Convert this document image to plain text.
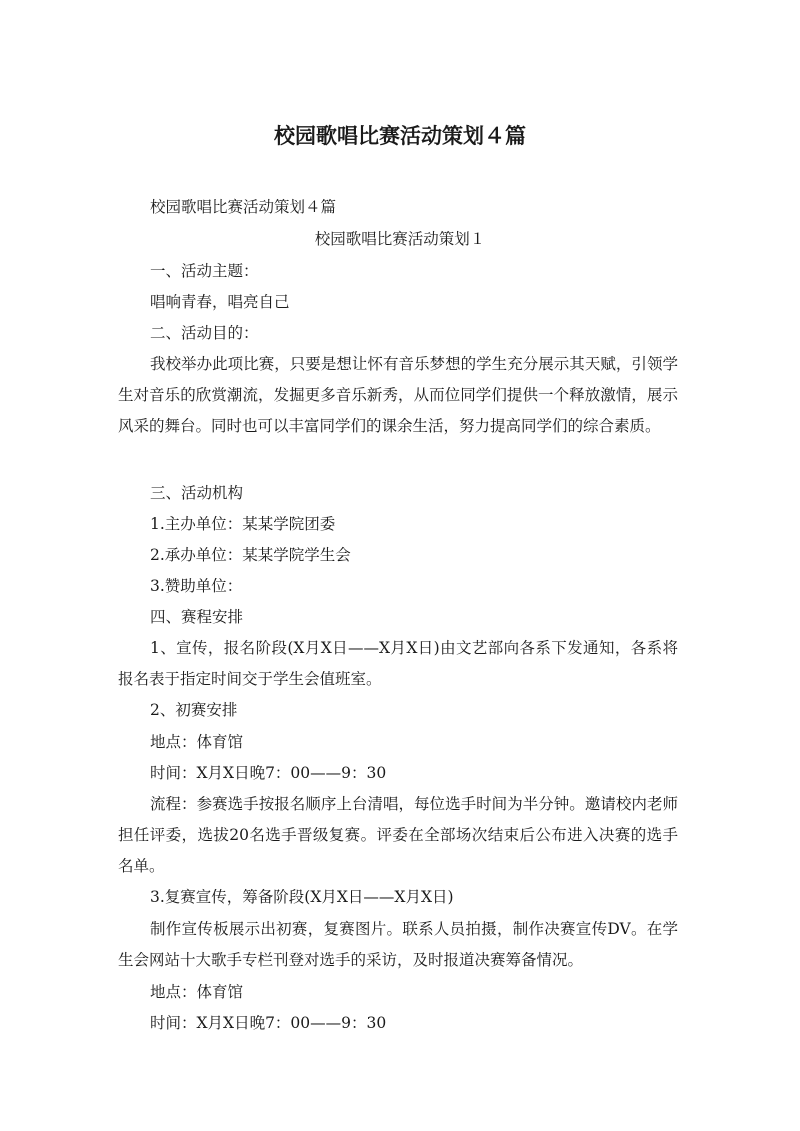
校园歌唱比赛活动策划４篇
校园歌唱比赛活动策划４篇
校园歌唱比赛活动策划１
一、活动主题：
唱响青春，唱亮自己
二、活动目的：
我校举办此项比赛，只要是想让怀有音乐梦想的学生充分展示其天赋，引领学生对音乐的欣赏潮流，发掘更多音乐新秀，从而位同学们提供一个释放激情，展示风采的舞台。同时也可以丰富同学们的课余生活，努力提高同学们的综合素质。
三、活动机构
1.主办单位：某某学院团委
2.承办单位：某某学院学生会
3.赞助单位：
四、赛程安排
1、宣传，报名阶段(X月X日——X月X日)由文艺部向各系下发通知，各系将报名表于指定时间交于学生会值班室。
2、初赛安排
地点：体育馆
时间：X月X日晚7：00——9：30
流程：参赛选手按报名顺序上台清唱，每位选手时间为半分钟。邀请校内老师担任评委，选拔20名选手晋级复赛。评委在全部场次结束后公布进入决赛的选手名单。
3.复赛宣传，筹备阶段(X月X日——X月X日)
制作宣传板展示出初赛，复赛图片。联系人员拍摄，制作决赛宣传DV。在学生会网站十大歌手专栏刊登对选手的采访，及时报道决赛筹备情况。
地点：体育馆
时间：X月X日晚7：00——9：30
